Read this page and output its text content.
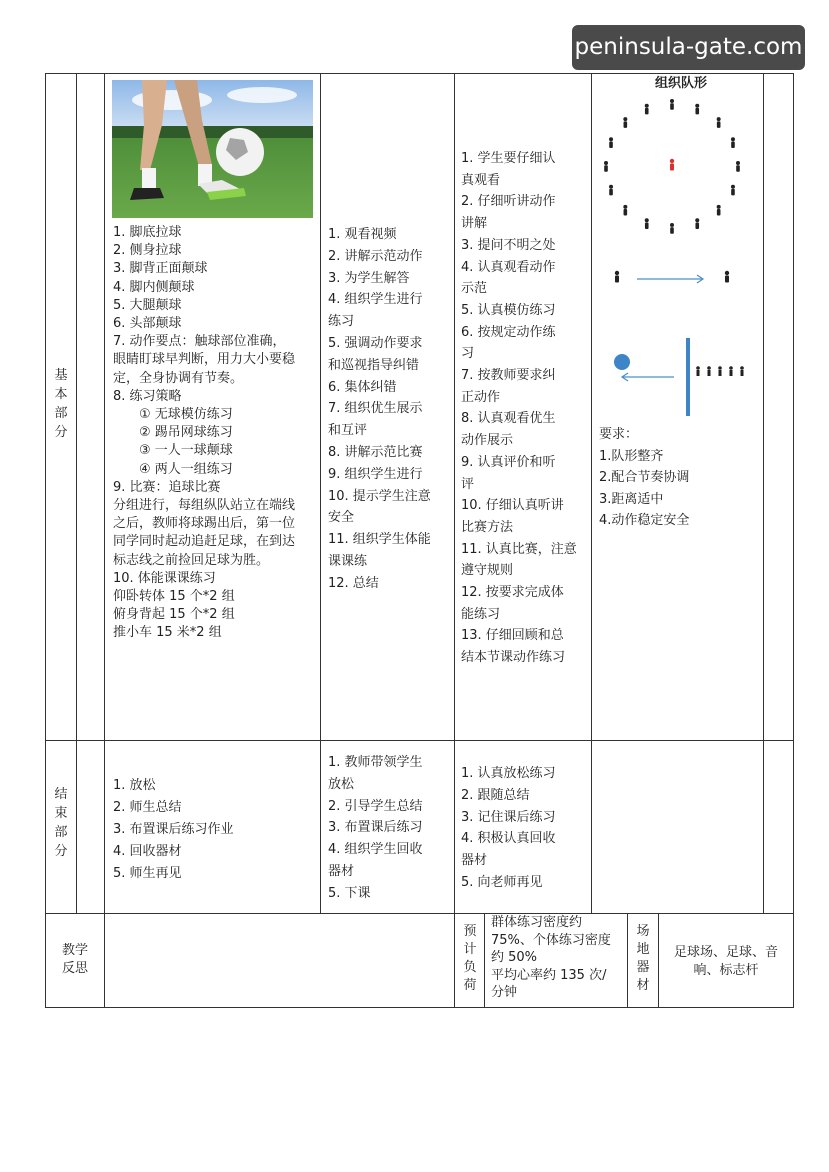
peninsula-gate.com
基
本
部
分
1. 脚底拉球
2. 侧身拉球
3. 脚背正面颠球
4. 脚内侧颠球
5. 大腿颠球
6. 头部颠球
7. 动作要点：触球部位准确，
眼睛盯球早判断，用力大小要稳
定，全身协调有节奏。
8. 练习策略
① 无球模仿练习
② 踢吊网球练习
③ 一人一球颠球
④ 两人一组练习
9. 比赛：追球比赛
分组进行，每组纵队站立在端线
之后，教师将球踢出后，第一位
同学同时起动追赶足球，在到达
标志线之前捡回足球为胜。
10. 体能课课练习
仰卧转体 15 个*2 组
俯身背起 15 个*2 组
推小车 15 米*2 组
1. 观看视频
2. 讲解示范动作
3. 为学生解答
4. 组织学生进行
练习
5. 强调动作要求
和巡视指导纠错
6. 集体纠错
7. 组织优生展示
和互评
8. 讲解示范比赛
9. 组织学生进行
10. 提示学生注意
安全
11. 组织学生体能
课课练
12. 总结
1. 学生要仔细认
真观看
2. 仔细听讲动作
讲解
3. 提问不明之处
4. 认真观看动作
示范
5. 认真模仿练习
6. 按规定动作练
习
7. 按教师要求纠
正动作
8. 认真观看优生
动作展示
9. 认真评价和听
评
10. 仔细认真听讲
比赛方法
11. 认真比赛，注意
遵守规则
12. 按要求完成体
能练习
13. 仔细回顾和总
结本节课动作练习
组织队形
要求：
1.队形整齐
2.配合节奏协调
3.距离适中
4.动作稳定安全
结
束
部
分
1. 放松
2. 师生总结
3. 布置课后练习作业
4. 回收器材
5. 师生再见
1. 教师带领学生
放松
2. 引导学生总结
3. 布置课后练习
4. 组织学生回收
器材
5. 下课
1. 认真放松练习
2. 跟随总结
3. 记住课后练习
4. 积极认真回收
器材
5. 向老师再见
教学
反思
预
计
负
荷
群体练习密度约
75%、个体练习密度
约 50%
平均心率约 135 次/
分钟
场
地
器
材
足球场、足球、音
响、标志杆
